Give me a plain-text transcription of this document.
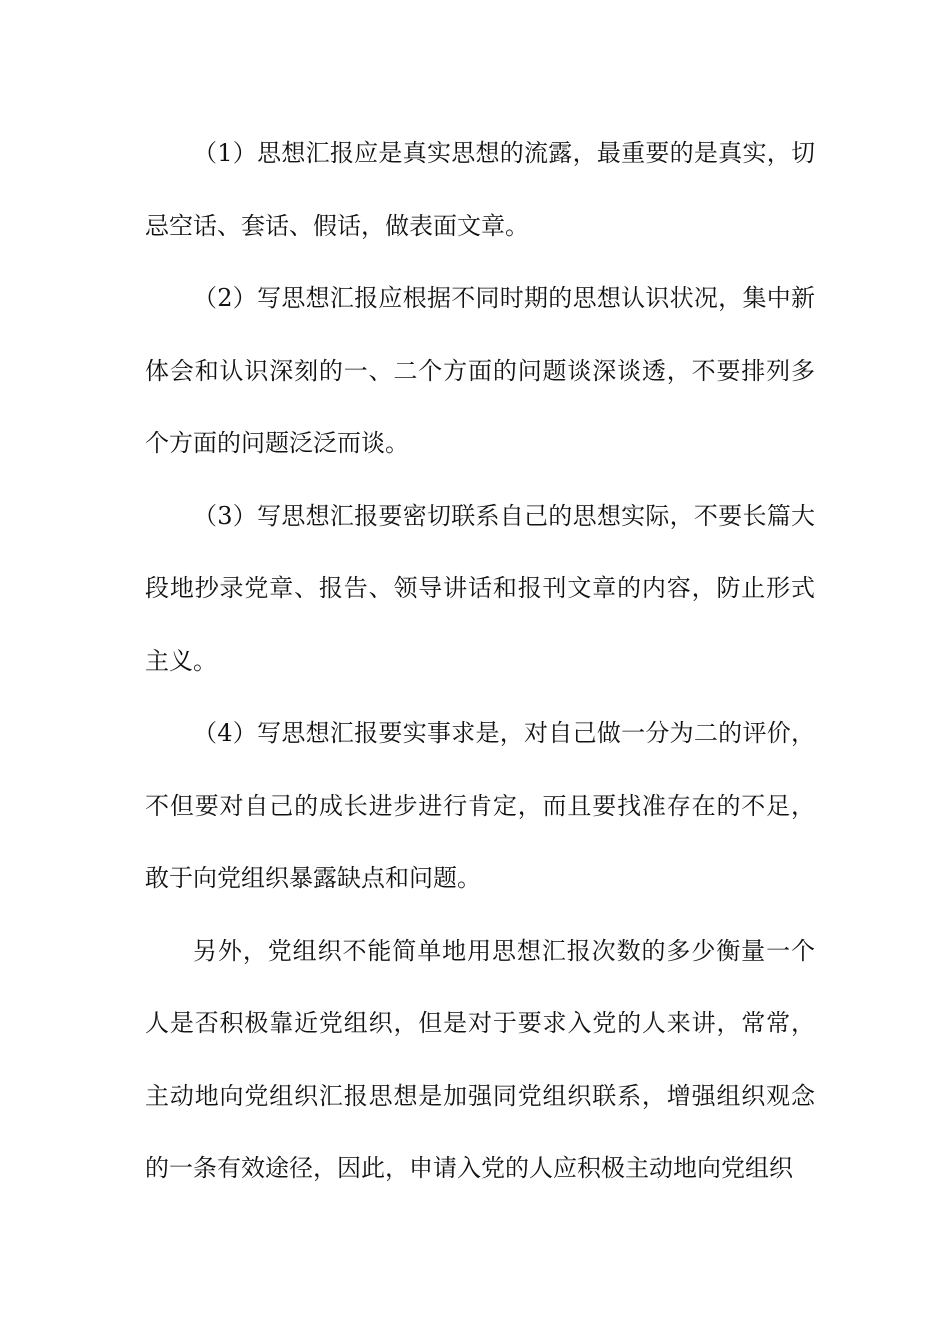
（1）思想汇报应是真实思想的流露，最重要的是真实，切忌空话、套话、假话，做表面文章。

（2）写思想汇报应根据不同时期的思想认识状况，集中新体会和认识深刻的一、二个方面的问题谈深谈透，不要排列多个方面的问题泛泛而谈。

（3）写思想汇报要密切联系自己的思想实际，不要长篇大段地抄录党章、报告、领导讲话和报刊文章的内容，防止形式主义。

（4）写思想汇报要实事求是，对自己做一分为二的评价，不但要对自己的成长进步进行肯定，而且要找准存在的不足，敢于向党组织暴露缺点和问题。

另外，党组织不能简单地用思想汇报次数的多少衡量一个人是否积极靠近党组织，但是对于要求入党的人来讲，常常，主动地向党组织汇报思想是加强同党组织联系，增强组织观念的一条有效途径，因此，申请入党的人应积极主动地向党组织
